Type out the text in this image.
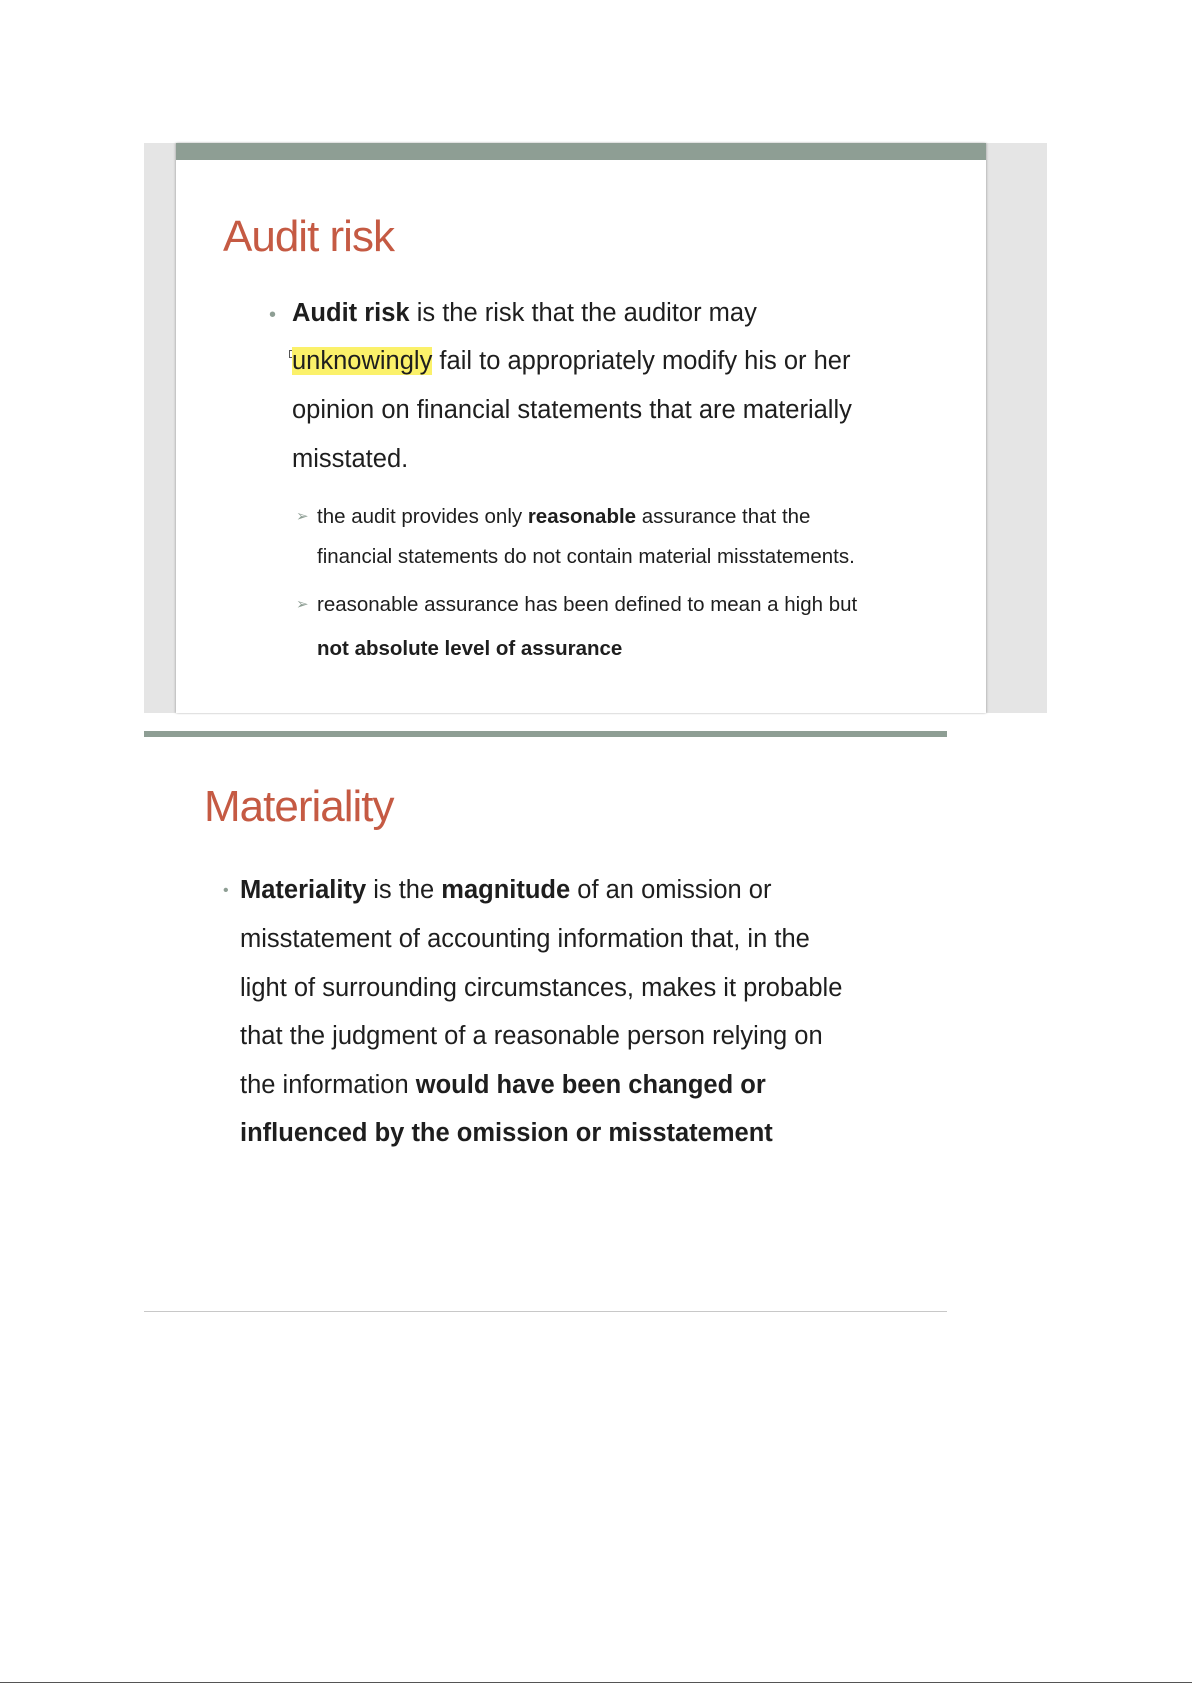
Audit risk
• Audit risk is the risk that the auditor may
unknowingly fail to appropriately modify his or her
opinion on financial statements that are materially
misstated.
➢ the audit provides only reasonable assurance that the
financial statements do not contain material misstatements.
➢ reasonable assurance has been defined to mean a high but
not absolute level of assurance
Materiality
• Materiality is the magnitude of an omission or
misstatement of accounting information that, in the
light of surrounding circumstances, makes it probable
that the judgment of a reasonable person relying on
the information would have been changed or
influenced by the omission or misstatement
